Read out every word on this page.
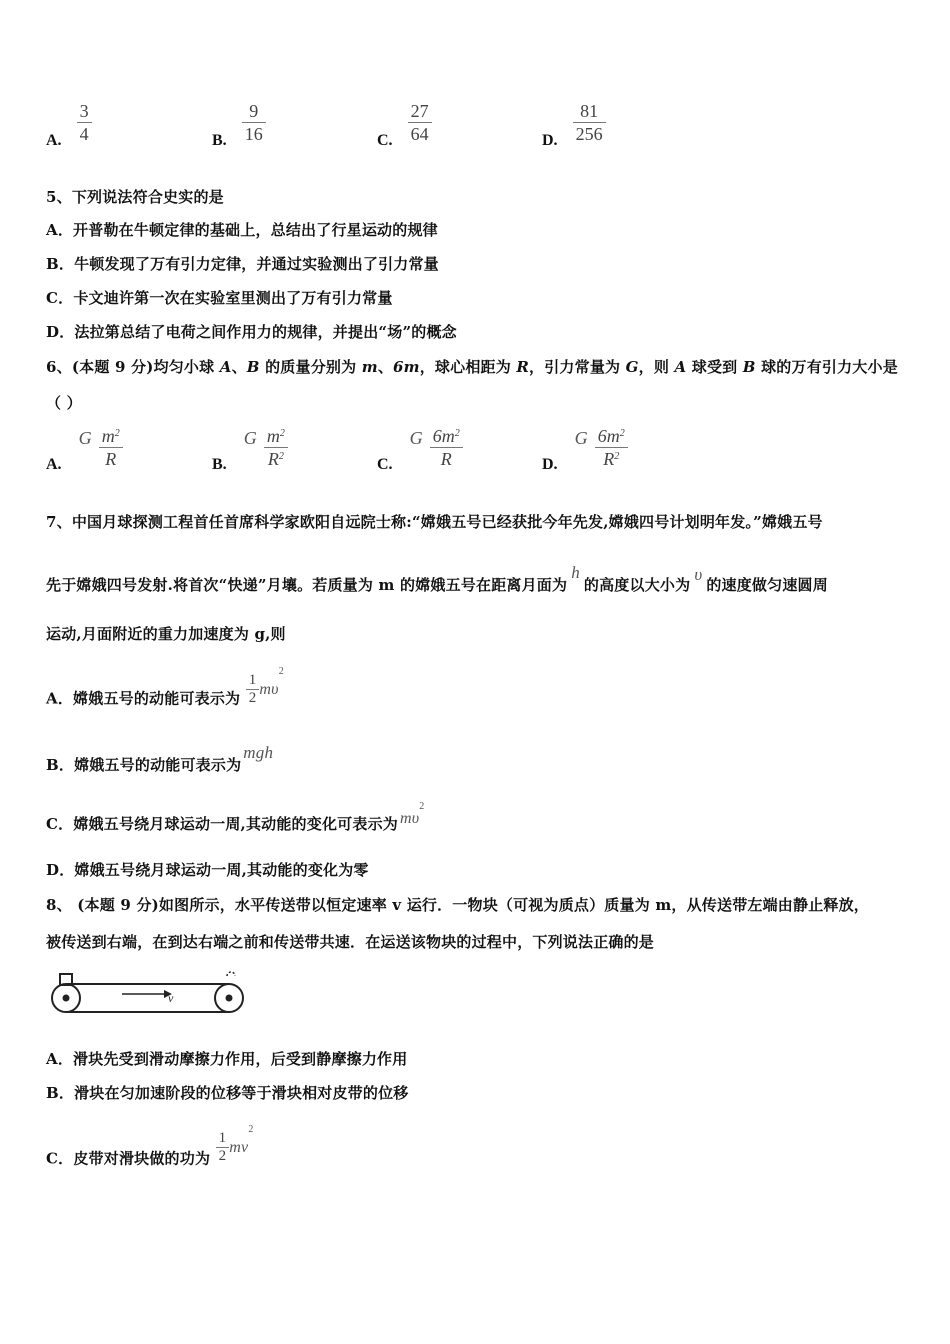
A. $\frac{3}{4}$	B. $\frac{9}{16}$	C. $\frac{27}{64}$	D. $\frac{81}{256}$
5、下列说法符合史实的是
A．开普勒在牛顿定律的基础上，总结出了行星运动的规律
B．牛顿发现了万有引力定律，并通过实验测出了引力常量
C．卡文迪许第一次在实验室里测出了万有引力常量
D．法拉第总结了电荷之间作用力的规律，并提出“场”的概念
6、(本题 9 分)均匀小球 A、B 的质量分别为 m、6m，球心相距为 R，引力常量为 G，则 A 球受到 B 球的万有引力大小是
（ ）
A. G $\frac{m^2}{R}$	B. G $\frac{m^2}{R^2}$	C. G $\frac{6m^2}{R}$	D. G $\frac{6m^2}{R^2}$
7、中国月球探测工程首任首席科学家欧阳自远院士称:“嫦娥五号已经获批今年先发,嫦娥四号计划明年发。”嫦娥五号
先于嫦娥四号发射.将首次“快递”月壤。若质量为 m 的嫦娥五号在距离月面为h的高度以大小为υ的速度做匀速圆周
运动,月面附近的重力加速度为 g,则
A．嫦娥五号的动能可表示为 $\frac{1}{2} m\upsilon^2$
B．嫦娥五号的动能可表示为mgh
C．嫦娥五号绕月球运动一周,其动能的变化可表示为 $m\upsilon^2$
D．嫦娥五号绕月球运动一周,其动能的变化为零
8、 (本题 9 分)如图所示，水平传送带以恒定速率 v 运行．一物块（可视为质点）质量为 m，从传送带左端由静止释放，
被传送到右端，在到达右端之前和传送带共速．在运送该物块的过程中，下列说法正确的是
v
A．滑块先受到滑动摩擦力作用，后受到静摩擦力作用
B．滑块在匀加速阶段的位移等于滑块相对皮带的位移
C．皮带对滑块做的功为 $\frac{1}{2} mv^2$
